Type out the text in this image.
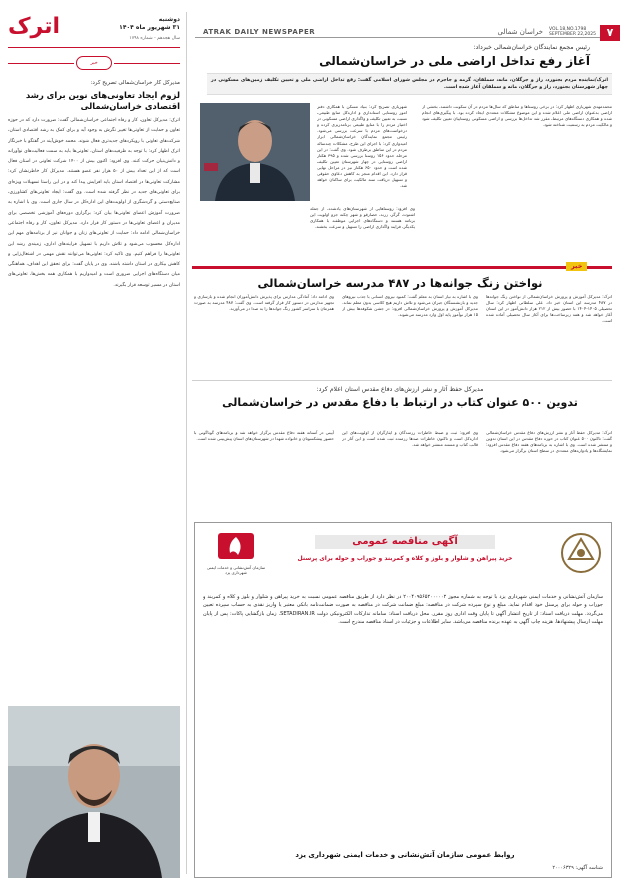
۷
ATRAK DAILY NEWSPAPER	خراسان شمالی VOL.18,NO.1798
SEPTEMBER 22,2025
اترک	دوشنبه
۳۱ شهریور ماه ۱۴۰۴
سال هجدهم - شماره ۱۷۹۸
رئیس مجمع نمایندگان خراسان‌شمالی خبرداد:
آغاز رفع تداخل اراضی ملی در خراسان‌شمالی

اترک/نماینده مردم بجنورد، راز و جرگلان، مانه، سملقان، گرمه و جاجرم در مجلس شورای اسلامی گفت: رفع تداخل اراضی ملی و تعیین تکلیف زمین‌های مسکونی در چهار شهرستان بجنورد، راز و جرگلان، مانه و سملقان آغاز شده است.

شهریاری تصریح کرد: بنیاد مسکن با همکاری دفتر امور روستایی استانداری و اداره‌کل منابع طبیعی، نسبت به تعیین تکلیف و واگذاری اراضی مسکونی در اختیار مردم را با منابع طبیعی برنامه‌ریزی کرده و درخواست‌های مردم با سرعت بررسی می‌شود. رئیس مجمع نمایندگان خراسان‌شمالی ابراز امیدواری کرد: با اجرای این طرح، مشکلات چندساله مردم در این مناطق برطرف شود. وی گفت: در این مرحله حدود ۱۵۶ روستا بررسی شده و ۳۹۵ هکتار اراضی روستایی در چهار شهرستان تعیین تکلیف شده است و حدود ۶۵۰ هکتار نیز در مراحل نهایی قرار دارد. این اقدام منجر به کاهش دعاوی حقوقی و تسهیل دریافت سند مالکیت برای ساکنان خواهد شد.
وی افزود: روستاهایی از شهرستان‌های یادشده، از جمله اشتوت، گرگر، زرند، حصارقو و شهر چکنه جزو اولویت این برنامه هستند و دستگاه‌های اجرایی موظفند با همکاری یکدیگر، فرایند واگذاری اراضی را تسهیل و سرعت بخشند.
محمدمهدی شهریاری اظهار کرد: در برخی روستاها و مناطق که سال‌ها مردم در آن سکونت داشتند، بخشی از اراضی به‌عنوان اراضی ملی اعلام شده و این موضوع مشکلات متعددی ایجاد کرده بود. با پیگیری‌های انجام شده و همکاری دستگاه‌های مرتبط، مقرر شد تداخل‌ها بررسی و اراضی مسکونی روستاییان تعیین تکلیف شود و مالکیت مردم به رسمیت شناخته شود.
خبر
نواختن زنگ جوانه‌ها در ۴۸۷ مدرسه خراسان‌شمالی
اترک: مدیرکل آموزش و پرورش خراسان‌شمالی از نواختن زنگ جوانه‌ها در ۴۸۷ مدرسه این استان خبر داد. علی سلطانی اظهار کرد: سال تحصیلی ۱۴۰۵-۱۴۰۴ با حضور بیش از ۲۱۲ هزار دانش‌آموز در این استان آغاز خواهد شد و همه زیرساخت‌ها برای آغاز سال تحصیلی آماده شده است.
وی با اشاره به نیاز استان به معلم گفت: کمبود نیروی انسانی با جذب نیروهای جدید و بازنشستگان جبران می‌شود و تلاش داریم هیچ کلاسی بدون معلم نماند. مدیرکل آموزش و پرورش خراسان‌شمالی افزود: در جشن شکوفه‌ها بیش از ۱۵ هزار نوآموز پایه اول وارد مدرسه می‌شوند.
وی ادامه داد: آمادگی مدارس برای پذیرش دانش‌آموزان انجام شده و بازسازی و تجهیز مدارس در دستور کار قرار گرفته است. وی گفت: ۴۸۷ مدرسه به صورت همزمان با سراسر کشور زنگ جوانه‌ها را به صدا در می‌آورند.
مدیرکل حفظ آثار و نشر ارزش‌های دفاع مقدس استان اعلام کرد:
تدوین ۵۰۰ عنوان کتاب در ارتباط با دفاع مقدس در خراسان‌شمالی
اترک: مدیرکل حفظ آثار و نشر ارزش‌های دفاع مقدس خراسان‌شمالی گفت: تاکنون ۵۰۰ عنوان کتاب در حوزه دفاع مقدس در این استان تدوین و منتشر شده است. وی با اشاره به برنامه‌های هفته دفاع مقدس افزود: نمایشگاه‌ها و یادواره‌های متعددی در سطح استان برگزار می‌شود.
وی افزود: ثبت و ضبط خاطرات رزمندگان و ایثارگران از اولویت‌های این اداره‌کل است و تاکنون خاطرات صدها رزمنده ثبت شده است و این آثار در قالب کتاب و مستند منتشر خواهد شد.
آیینی در آستانه هفته دفاع مقدس برگزار خواهد شد و برنامه‌های گوناگونی با حضور پیشکسوتان و خانواده شهدا در شهرستان‌های استان پیش‌بینی شده است.
سازمان آتش‌نشانی و خدمات ایمنی شهرداری یزد
آگهی مناقصه عمومی
خرید پیراهن و شلوار و بلوز و کلاه و کمربند و جوراب و حوله برای پرسنل
سازمان آتش‌نشانی و خدمات ایمنی شهرداری یزد با توجه به شماره مجوز ۲۰۰۴۰۹۵۶۵۲۰۰۰۰۰۲ در نظر دارد از طریق مناقصه عمومی نسبت به خرید پیراهن و شلوار و بلوز و کلاه و کمربند و جوراب و حوله برای پرسنل خود اقدام نماید. مبلغ و نوع سپرده شرکت در مناقصه: مبلغ ضمانت شرکت در مناقصه به صورت ضمانت‌نامه بانکی معتبر یا واریز نقدی به حساب سپرده تعیین می‌گردد. مهلت دریافت اسناد: از تاریخ انتشار آگهی تا پایان وقت اداری روز مقرر. محل دریافت اسناد: سامانه تدارکات الکترونیکی دولت SETADIRAN.IR. زمان بازگشایی پاکات: پس از پایان مهلت ارسال پیشنهادها. هزینه چاپ آگهی به عهده برنده مناقصه می‌باشد. سایر اطلاعات و جزئیات در اسناد مناقصه مندرج است.
روابط عمومی سازمان آتش‌نشانی و خدمات ایمنی شهرداری یزد
شناسه آگهی: ۲۰۰۰۶۳۲۹
خبر
مدیرکل کار خراسان‌شمالی تصریح کرد:
لزوم ایجاد تعاونی‌های نوین برای رشد اقتصادی خراسان‌شمالی
اترک: مدیرکل تعاون، کار و رفاه اجتماعی خراسان‌شمالی گفت: ضرورت دارد که در حوزه تعاون و حمایت از تعاونی‌ها تغییر نگرش به وجود آید و برای کمک به رشد اقتصادی استان، شرکت‌های تعاونی با رویکردهای جدیدتری فعال شوند. محمد خوش‌آیند در گفتگو با خبرنگار اترک اظهار کرد: با توجه به ظرفیت‌های استان، تعاونی‌ها باید به سمت فعالیت‌های نوآورانه و دانش‌بنیان حرکت کنند. وی افزود: اکنون بیش از ۱۴۰۰ شرکت تعاونی در استان فعال است که از این تعداد بیش از ۵۰ هزار نفر عضو هستند. مدیرکل کار خاطرنشان کرد: مشارکت تعاونی‌ها در اقتصاد استان باید افزایش پیدا کند و در این راستا تسهیلات ویژه‌ای برای تعاونی‌های جدید در نظر گرفته شده است. وی گفت: ایجاد تعاونی‌های کشاورزی، صنایع‌دستی و گردشگری از اولویت‌های این اداره‌کل در سال جاری است. وی با اشاره به ضرورت آموزش اعضای تعاونی‌ها بیان کرد: برگزاری دوره‌های آموزشی تخصصی برای مدیران و اعضای تعاونی‌ها در دستور کار قرار دارد. مدیرکل تعاون، کار و رفاه اجتماعی خراسان‌شمالی ادامه داد: حمایت از تعاونی‌های زنان و جوانان نیز از برنامه‌های مهم این اداره‌کل محسوب می‌شود و تلاش داریم با تسهیل فرایندهای اداری، زمینه‌ی رشد این تعاونی‌ها را فراهم کنیم. وی تاکید کرد: تعاونی‌ها می‌توانند نقش مهمی در اشتغال‌زایی و کاهش بیکاری در استان داشته باشند. وی در پایان گفت: برای تحقق این اهداف، هماهنگی میان دستگاه‌های اجرایی ضروری است و امیدواریم با همکاری همه بخش‌ها، تعاونی‌های استان در مسیر توسعه قرار بگیرند.
